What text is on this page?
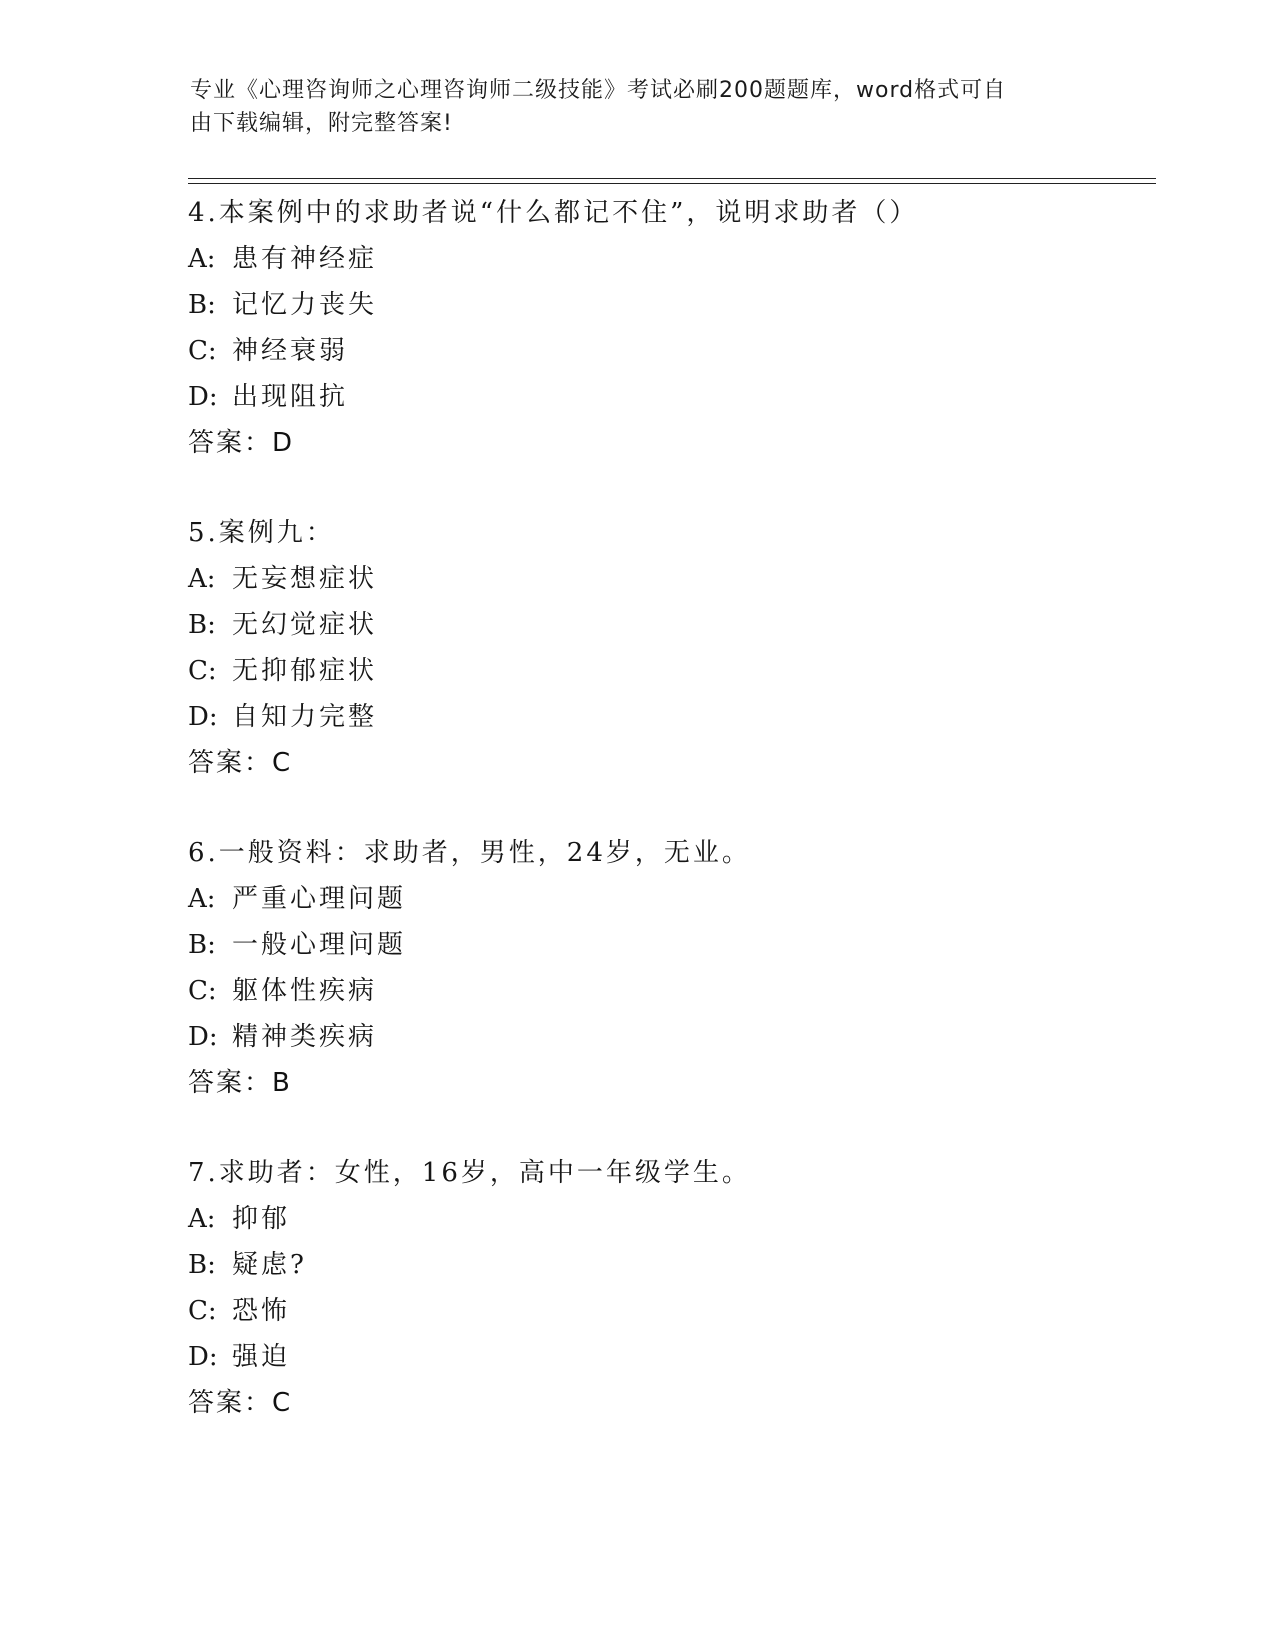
专业《心理咨询师之心理咨询师二级技能》考试必刷200题题库，word格式可自
由下载编辑，附完整答案!
4.本案例中的求助者说“什么都记不住”，说明求助者（）
A: 患有神经症
B: 记忆力丧失
C: 神经衰弱
D: 出现阻抗
答案：D
5.案例九：
A: 无妄想症状
B: 无幻觉症状
C: 无抑郁症状
D: 自知力完整
答案：C
6.一般资料：求助者，男性，24岁，无业。
A: 严重心理问题
B: 一般心理问题
C: 躯体性疾病
D: 精神类疾病
答案：B
7.求助者：女性，16岁，高中一年级学生。
A: 抑郁
B: 疑虑?
C: 恐怖
D: 强迫
答案：C
